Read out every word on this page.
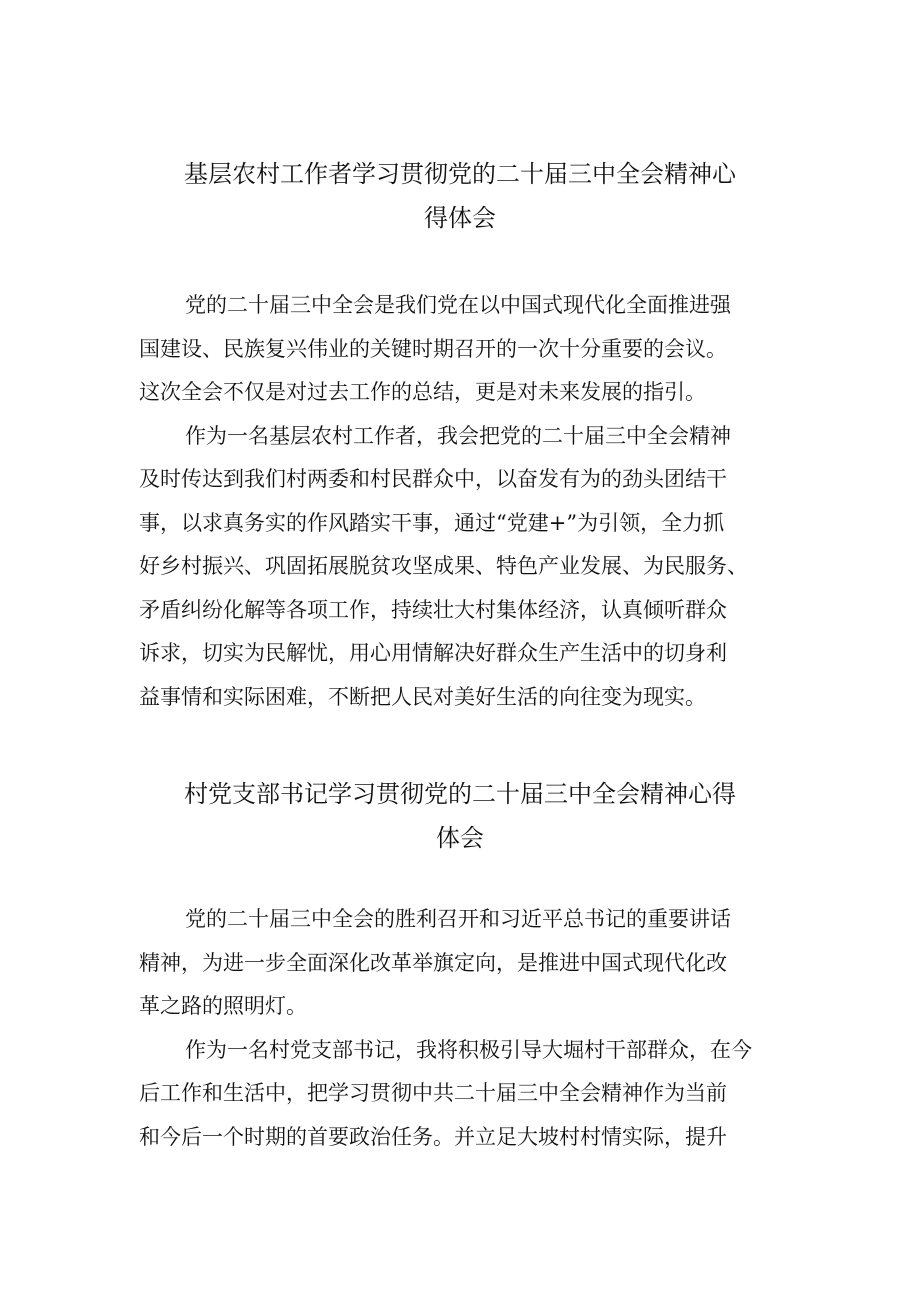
基层农村工作者学习贯彻党的二十届三中全会精神心
得体会

党的二十届三中全会是我们党在以中国式现代化全面推进强
国建设、民族复兴伟业的关键时期召开的一次十分重要的会议。
这次全会不仅是对过去工作的总结，更是对未来发展的指引。

作为一名基层农村工作者，我会把党的二十届三中全会精神
及时传达到我们村两委和村民群众中，以奋发有为的劲头团结干
事，以求真务实的作风踏实干事，通过“党建+”为引领，全力抓
好乡村振兴、巩固拓展脱贫攻坚成果、特色产业发展、为民服务、
矛盾纠纷化解等各项工作，持续壮大村集体经济，认真倾听群众
诉求，切实为民解忧，用心用情解决好群众生产生活中的切身利
益事情和实际困难，不断把人民对美好生活的向往变为现实。

村党支部书记学习贯彻党的二十届三中全会精神心得
体会

党的二十届三中全会的胜利召开和习近平总书记的重要讲话
精神，为进一步全面深化改革举旗定向，是推进中国式现代化改
革之路的照明灯。

作为一名村党支部书记，我将积极引导大堀村干部群众，在今
后工作和生活中，把学习贯彻中共二十届三中全会精神作为当前
和今后一个时期的首要政治任务。并立足大坡村村情实际，提升
